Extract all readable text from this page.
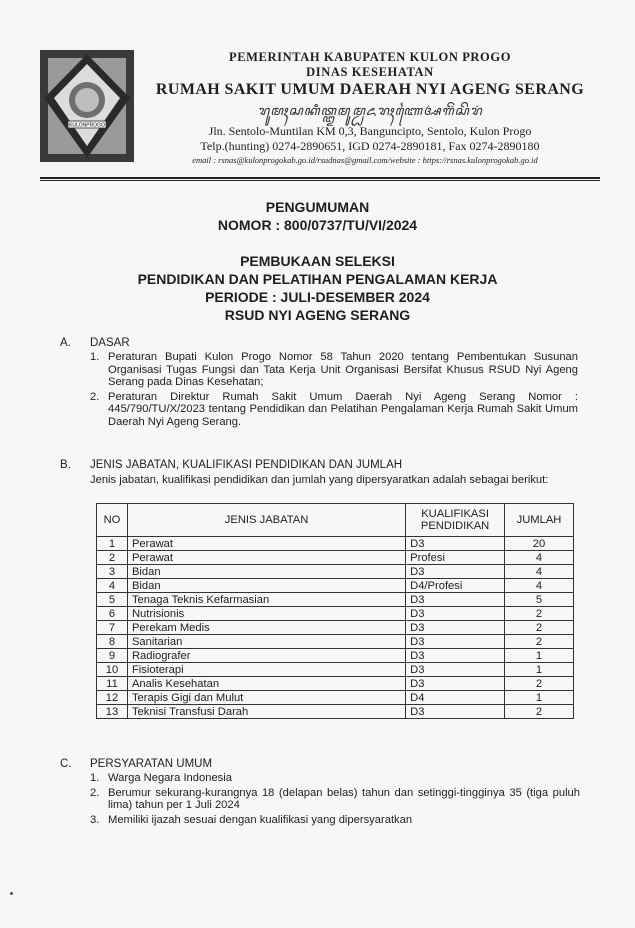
KULONPROGO
PEMERINTAH KABUPATEN KULON PROGO
DINAS KESEHATAN
RUMAH SAKIT UMUM DAERAH NYI AGENG SERANG
ꦫꦸꦩꦃꦱꦏꦶꦠ꧀ꦈꦩꦸꦩ꧀ꦝꦌꦫꦃꦚꦻꦄꦒꦼꦁꦱꦼꦫꦁ
Jln. Sentolo-Muntilan KM 0,3, Banguncipto, Sentolo, Kulon Progo
Telp.(hunting) 0274-2890651, IGD 0274-2890181, Fax 0274-2890180
email : rsnas@kulonprogokab.go.id/rsudnas@gmail.com/website : https://rsnas.kulonprogokab.go.id
PENGUMUMAN
NOMOR : 800/0737/TU/VI/2024
PEMBUKAAN SELEKSI
PENDIDIKAN DAN PELATIHAN PENGALAMAN KERJA
PERIODE : JULI-DESEMBER 2024
RSUD NYI AGENG SERANG
A.	DASAR
1. Peraturan Bupati Kulon Progo Nomor 58 Tahun 2020 tentang Pembentukan Susunan Organisasi Tugas Fungsi dan Tata Kerja Unit Organisasi Bersifat Khusus RSUD Nyi Ageng Serang pada Dinas Kesehatan;
2. Peraturan Direktur Rumah Sakit Umum Daerah Nyi Ageng Serang Nomor : 445/790/TU/X/2023 tentang Pendidikan dan Pelatihan Pengalaman Kerja Rumah Sakit Umum Daerah Nyi Ageng Serang.
B.	JENIS JABATAN, KUALIFIKASI PENDIDIKAN DAN JUMLAH
Jenis jabatan, kualifikasi pendidikan dan jumlah yang dipersyaratkan adalah sebagai berikut:
NO	JENIS JABATAN	KUALIFIKASI PENDIDIKAN	JUMLAH
1	Perawat	D3	20
2	Perawat	Profesi	4
3	Bidan	D3	4
4	Bidan	D4/Profesi	4
5	Tenaga Teknis Kefarmasian	D3	5
6	Nutrisionis	D3	2
7	Perekam Medis	D3	2
8	Sanitarian	D3	2
9	Radiografer	D3	1
10	Fisioterapi	D3	1
11	Analis Kesehatan	D3	2
12	Terapis Gigi dan Mulut	D4	1
13	Teknisi Transfusi Darah	D3	2
C.	PERSYARATAN UMUM
1. Warga Negara Indonesia
2. Berumur sekurang-kurangnya 18 (delapan belas) tahun dan setinggi-tingginya 35 (tiga puluh lima) tahun per 1 Juli 2024
3. Memiliki ijazah sesuai dengan kualifikasi yang dipersyaratkan
